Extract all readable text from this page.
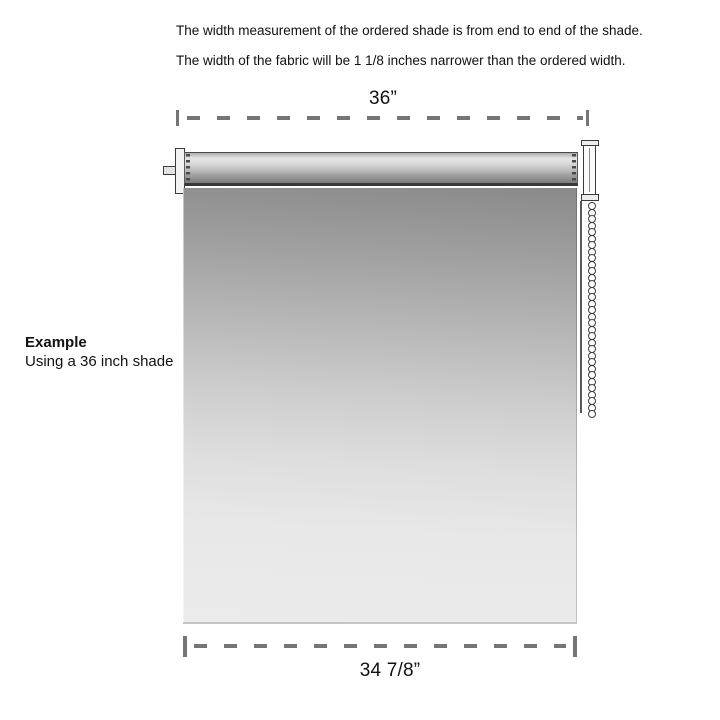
The width measurement of the ordered shade is from end to end of the shade.
The width of the fabric will be 1 1/8 inches narrower than the ordered width.
36”
Example
Using a 36 inch shade
34 7/8”
